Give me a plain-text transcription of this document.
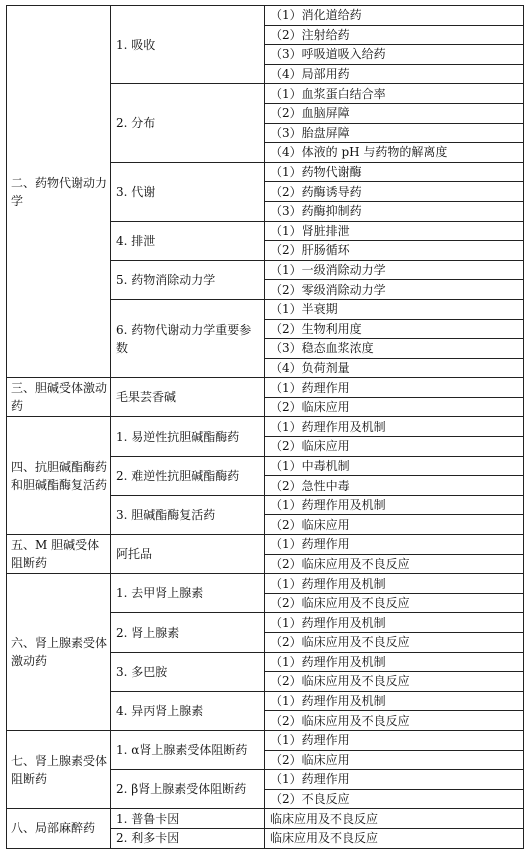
二、药物代谢动力学	1. 吸收	（1）消化道给药
		（2）注射给药
		（3）呼吸道吸入给药
		（4）局部用药
	2. 分布	（1）血浆蛋白结合率
		（2）血脑屏障
		（3）胎盘屏障
		（4）体液的 pH 与药物的解离度
	3. 代谢	（1）药物代谢酶
		（2）药酶诱导药
		（3）药酶抑制药
	4. 排泄	（1）肾脏排泄
		（2）肝肠循环
	5. 药物消除动力学	（1）一级消除动力学
		（2）零级消除动力学
	6. 药物代谢动力学重要参数	（1）半衰期
		（2）生物利用度
		（3）稳态血浆浓度
		（4）负荷剂量
三、胆碱受体激动药	毛果芸香碱	（1）药理作用
		（2）临床应用
四、抗胆碱酯酶药和胆碱酯酶复活药	1. 易逆性抗胆碱酯酶药	（1）药理作用及机制
		（2）临床应用
	2. 难逆性抗胆碱酯酶药	（1）中毒机制
		（2）急性中毒
	3. 胆碱酯酶复活药	（1）药理作用及机制
		（2）临床应用
五、M 胆碱受体阻断药	阿托品	（1）药理作用
		（2）临床应用及不良反应
六、肾上腺素受体激动药	1. 去甲肾上腺素	（1）药理作用及机制
		（2）临床应用及不良反应
	2. 肾上腺素	（1）药理作用及机制
		（2）临床应用及不良反应
	3. 多巴胺	（1）药理作用及机制
		（2）临床应用及不良反应
	4. 异丙肾上腺素	（1）药理作用及机制
		（2）临床应用及不良反应
七、肾上腺素受体阻断药	1. α肾上腺素受体阻断药	（1）药理作用
		（2）临床应用
	2. β肾上腺素受体阻断药	（1）药理作用
		（2）不良反应
八、局部麻醉药	1. 普鲁卡因	临床应用及不良反应
	2. 利多卡因	临床应用及不良反应
